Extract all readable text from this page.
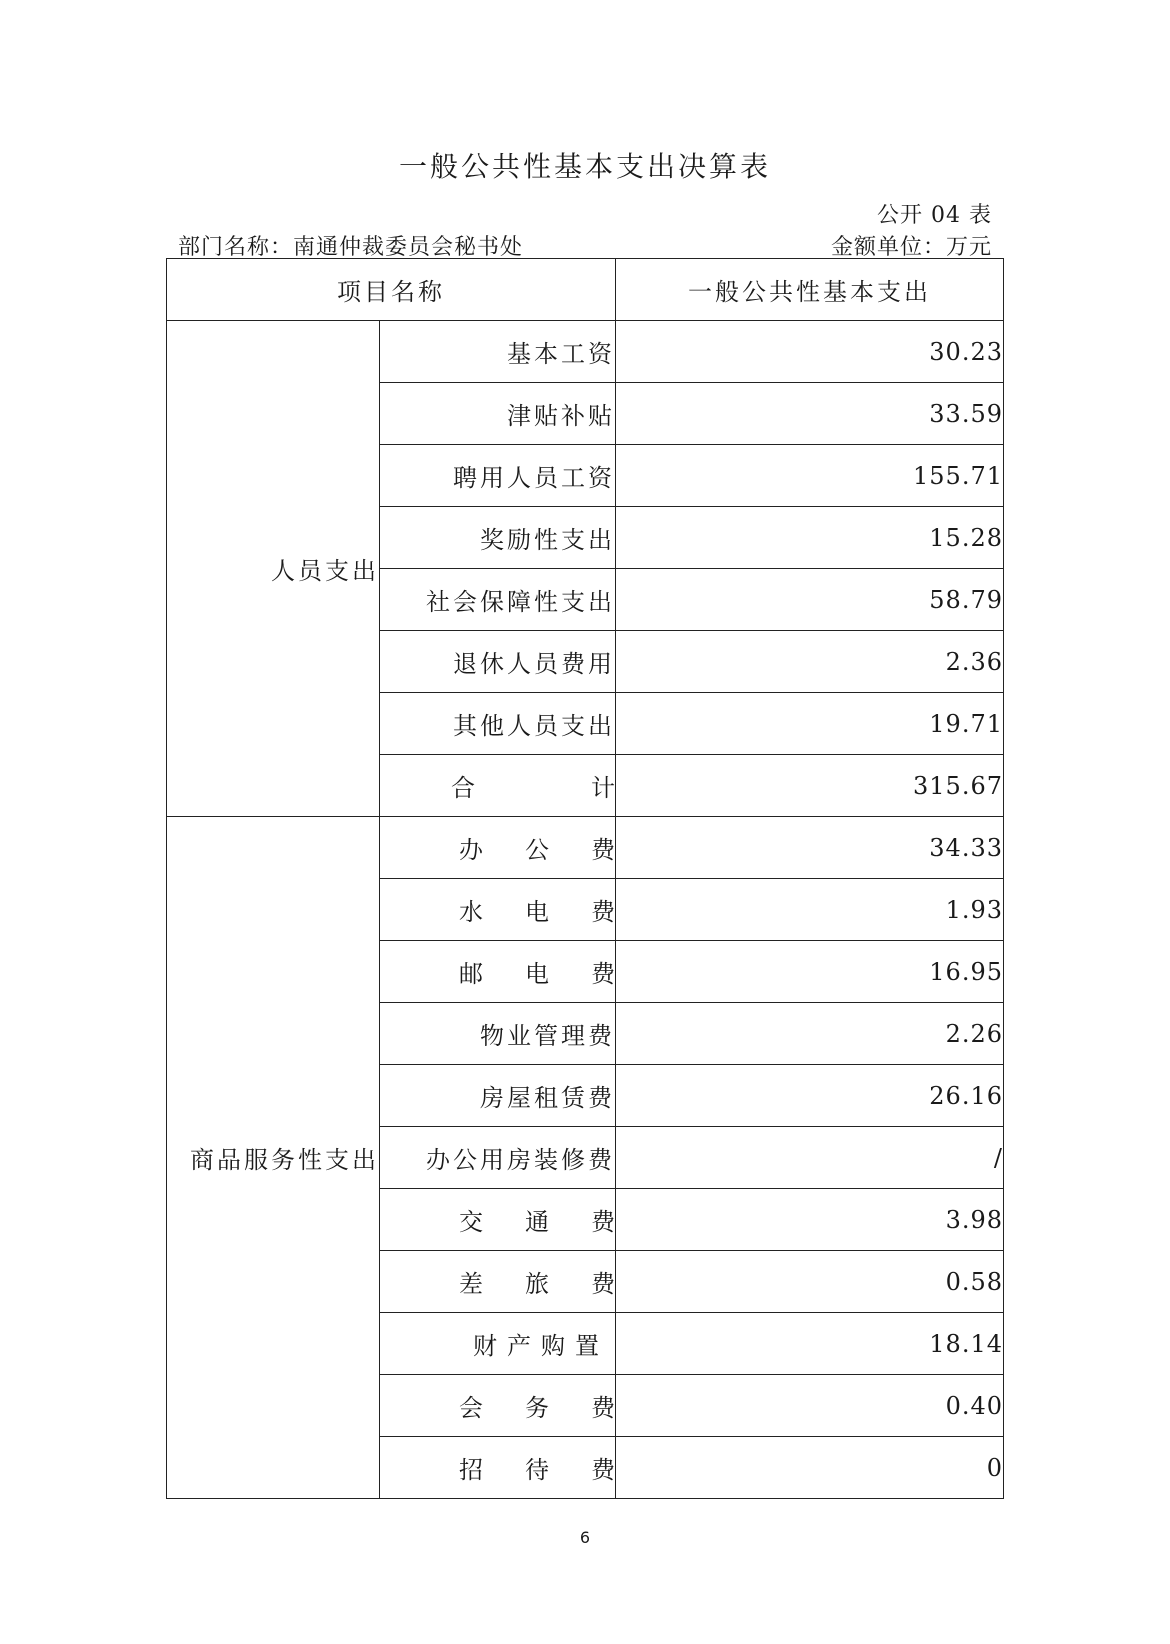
一般公共性基本支出决算表
公开 04 表
部门名称：南通仲裁委员会秘书处	金额单位：万元
项目名称		一般公共性基本支出
人员支出	基本工资	30.23
	津贴补贴	33.59
	聘用人员工资	155.71
	奖励性支出	15.28
	社会保障性支出	58.79
	退休人员费用	2.36
	其他人员支出	19.71
	合 计	315.67
商品服务性支出	办 公 费	34.33
	水 电 费	1.93
	邮 电 费	16.95
	物业管理费	2.26
	房屋租赁费	26.16
	办公用房装修费	/
	交 通 费	3.98
	差 旅 费	0.58
	财产购置	18.14
	会 务 费	0.40
	招 待 费	0
6
